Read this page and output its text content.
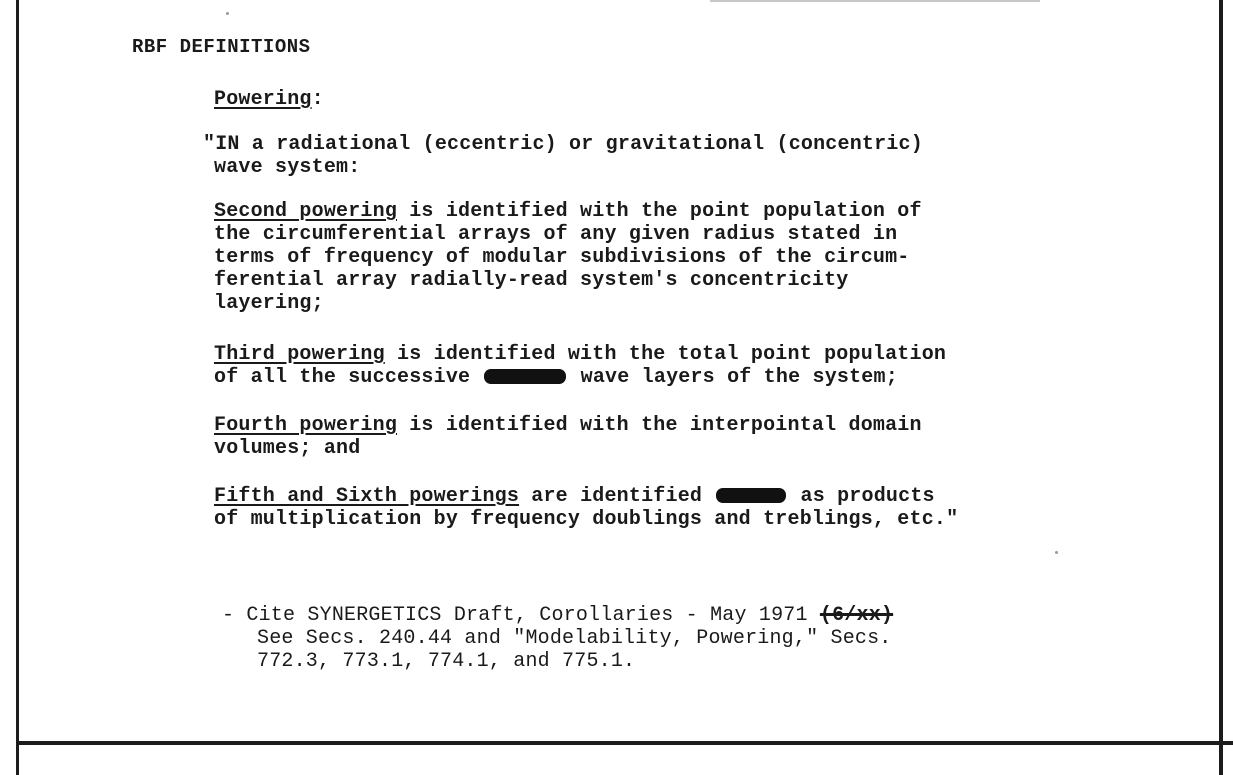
RBF DEFINITIONS
Powering:
"IN a radiational (eccentric) or gravitational (concentric)
wave system:
Second powering is identified with the point population of
the circumferential arrays of any given radius stated in
terms of frequency of modular subdivisions of the circum-
ferential array radially-read system's concentricity
layering;
Third powering is identified with the total point population
of all the successive	wave layers of the system;
Fourth powering is identified with the interpointal domain
volumes; and
Fifth and Sixth powerings are identified	as products
of multiplication by frequency doublings and treblings, etc."
- Cite SYNERGETICS Draft, Corollaries - May 1971 (6/xx)
See Secs. 240.44 and "Modelability, Powering," Secs.
772.3, 773.1, 774.1, and 775.1.
